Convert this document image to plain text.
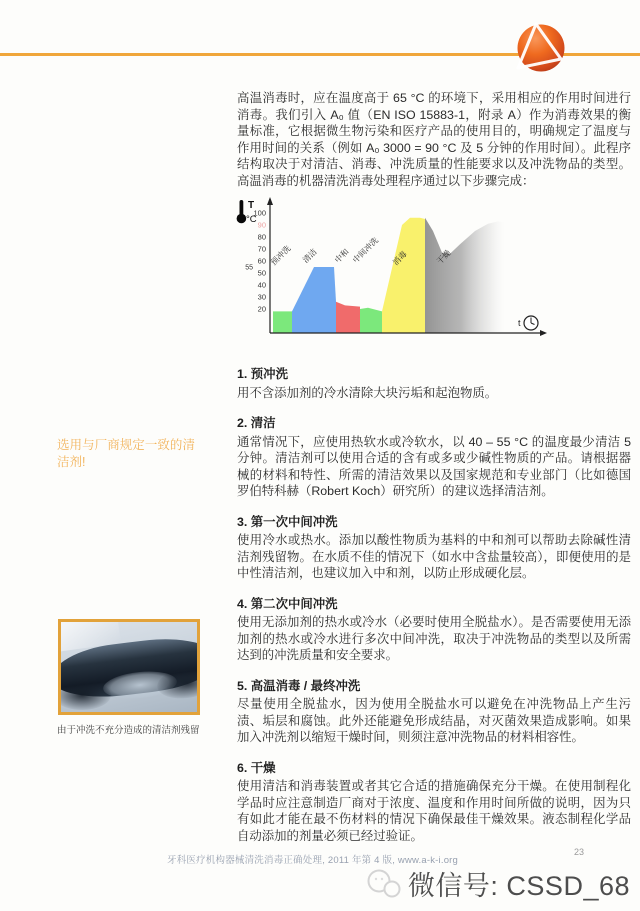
选用与厂商规定一致的清洁剂!
由于冲洗不充分造成的清洁剂残留

高温消毒时，应在温度高于 65 °C 的环境下，采用相应的作用时间进行消毒。我们引入 A₀ 值（EN ISO 15883-1，附录 A）作为消毒效果的衡量标准，它根据微生物污染和医疗产品的使用目的，明确规定了温度与作用时间的关系（例如 A₀ 3000 = 90 °C 及 5 分钟的作用时间）。此程序结构取决于对清洁、消毒、冲洗质量的性能要求以及冲洗物品的类型。高温消毒的机器清洗消毒处理程序通过以下步骤完成：

预冲洗 清洁 中和 中间冲洗 消毒	干燥
100
90
80
70
60
55
50
40
30
20
T
°C
t
1. 预冲洗

用不含添加剂的冷水清除大块污垢和起泡物质。

2. 清洁

通常情况下，应使用热软水或冷软水，以 40 – 55 °C 的温度最少清洁 5 分钟。清洁剂可以使用合适的含有或多或少碱性物质的产品。请根据器械的材料和特性、所需的清洁效果以及国家规范和专业部门（比如德国罗伯特科赫（Robert Koch）研究所）的建议选择清洁剂。

3. 第一次中间冲洗

使用冷水或热水。添加以酸性物质为基料的中和剂可以帮助去除碱性清洁剂残留物。在水质不佳的情况下（如水中含盐量较高），即便使用的是中性清洁剂，也建议加入中和剂，以防止形成硬化层。

4. 第二次中间冲洗

使用无添加剂的热水或冷水（必要时使用全脱盐水）。是否需要使用无添加剂的热水或冷水进行多次中间冲洗，取决于冲洗物品的类型以及所需达到的冲洗质量和安全要求。

5. 高温消毒 / 最终冲洗

尽量使用全脱盐水，因为使用全脱盐水可以避免在冲洗物品上产生污渍、垢层和腐蚀。此外还能避免形成结晶，对灭菌效果造成影响。如果加入冲洗剂以缩短干燥时间，则须注意冲洗物品的材料相容性。

6. 干燥

使用清洁和消毒装置或者其它合适的措施确保充分干燥。在使用制程化学品时应注意制造厂商对于浓度、温度和作用时间所做的说明，因为只有如此才能在最不伤材料的情况下确保最佳干燥效果。液态制程化学品自动添加的剂量必须已经过验证。

牙科医疗机构器械清洗消毒正确处理, 2011 年第 4 版, www.a-k-i.org
23
微信号: CSSD_68
